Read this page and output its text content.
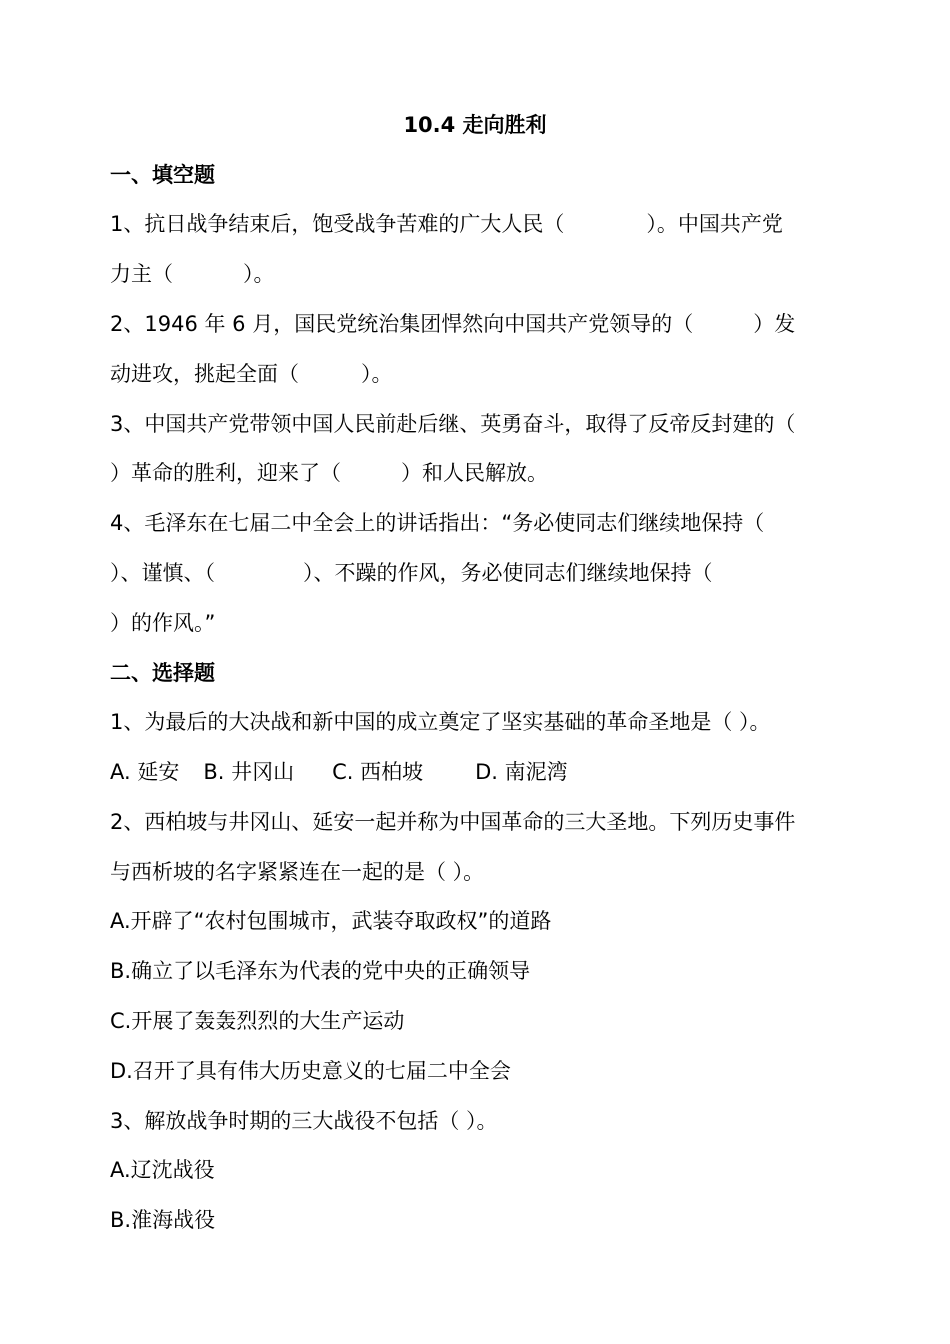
10.4 走向胜利
一、填空题
1、抗日战争结束后，饱受战争苦难的广大人民（	）。中国共产党
力主（	）。
2、1946 年 6 月，国民党统治集团悍然向中国共产党领导的（	）发
动进攻，挑起全面（	）。
3、中国共产党带领中国人民前赴后继、英勇奋斗，取得了反帝反封建的（
）革命的胜利，迎来了（	）和人民解放。
4、毛泽东在七届二中全会上的讲话指出：“务必使同志们继续地保持（
）、谨慎、（	）、不躁的作风，务必使同志们继续地保持（
）的作风。”
二、选择题
1、为最后的大决战和新中国的成立奠定了坚实基础的革命圣地是（ ）。
A. 延安 B. 井冈山 C. 西柏坡 D. 南泥湾
2、西柏坡与井冈山、延安一起并称为中国革命的三大圣地。下列历史事件
与西析坡的名字紧紧连在一起的是（ ）。
A.开辟了“农村包围城市，武装夺取政权”的道路
B.确立了以毛泽东为代表的党中央的正确领导
C.开展了轰轰烈烈的大生产运动
D.召开了具有伟大历史意义的七届二中全会
3、解放战争时期的三大战役不包括（ ）。
A.辽沈战役
B.淮海战役
